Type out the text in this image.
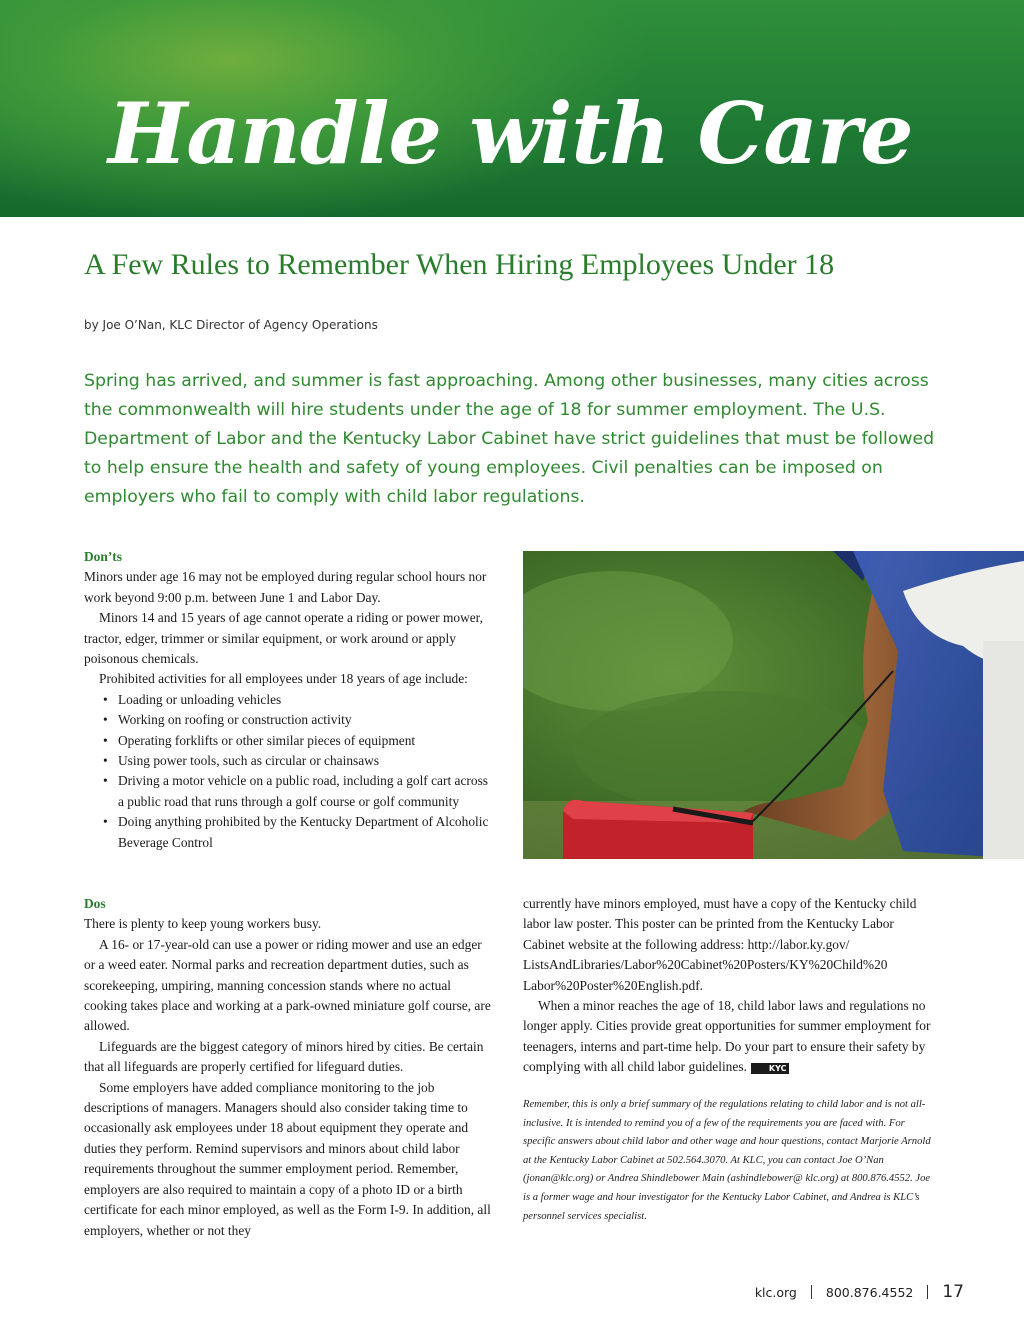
Handle with Care
A Few Rules to Remember When Hiring Employees Under 18
by Joe O’Nan, KLC Director of Agency Operations

Spring has arrived, and summer is fast approaching. Among other businesses, many cities across the commonwealth will hire students under the age of 18 for summer employment. The U.S. Department of Labor and the Kentucky Labor Cabinet have strict guidelines that must be followed to help ensure the health and safety of young employees. Civil penalties can be imposed on employers who fail to comply with child labor regulations.

Don’ts

Minors under age 16 may not be employed during regular school hours nor work beyond 9:00 p.m. between June 1 and Labor Day.

Minors 14 and 15 years of age cannot operate a riding or power mower, tractor, edger, trimmer or similar equipment, or work around or apply poisonous chemicals.

Prohibited activities for all employees under 18 years of age include:

• Loading or unloading vehicles
• Working on roofing or construction activity
• Operating forklifts or other similar pieces of equipment
• Using power tools, such as circular or chainsaws
• Driving a motor vehicle on a public road, including a golf cart across a public road that runs through a golf course or golf community
• Doing anything prohibited by the Kentucky Department of Alcoholic Beverage Control
Dos

There is plenty to keep young workers busy.

A 16- or 17-year-old can use a power or riding mower and use an edger or a weed eater. Normal parks and recreation department duties, such as scorekeeping, umpiring, manning concession stands where no actual cooking takes place and working at a park-owned miniature golf course, are allowed.

Lifeguards are the biggest category of minors hired by cities. Be certain that all lifeguards are properly certified for lifeguard duties.

Some employers have added compliance monitoring to the job descriptions of managers. Managers should also consider taking time to occasionally ask employees under 18 about equipment they operate and duties they perform. Remind supervisors and minors about child labor requirements throughout the summer employment period. Remember, employers are also required to maintain a copy of a photo ID or a birth certificate for each minor employed, as well as the Form I-9. In addition, all employers, whether or not they

currently have minors employed, must have a copy of the Kentucky child labor law poster. This poster can be printed from the Kentucky Labor Cabinet website at the following address: http://labor.ky.gov/ ListsAndLibraries/Labor%20Cabinet%20Posters/KY%20Child%20 Labor%20Poster%20English.pdf.

When a minor reaches the age of 18, child labor laws and regulations no longer apply. Cities provide great opportunities for summer employment for teenagers, interns and part-time help. Do your part to ensure their safety by complying with all child labor guidelines.	KYC

Remember, this is only a brief summary of the regulations relating to child labor and is not all-inclusive. It is intended to remind you of a few of the requirements you are faced with. For specific answers about child labor and other wage and hour questions, contact Marjorie Arnold at the Kentucky Labor Cabinet at 502.564.3070. At KLC, you can contact Joe O’Nan (jonan@klc.org) or Andrea Shindlebower Main (ashindlebower@ klc.org) at 800.876.4552. Joe is a former wage and hour investigator for the Kentucky Labor Cabinet, and Andrea is KLC’s personnel services specialist.

klc.org 800.876.4552 17
